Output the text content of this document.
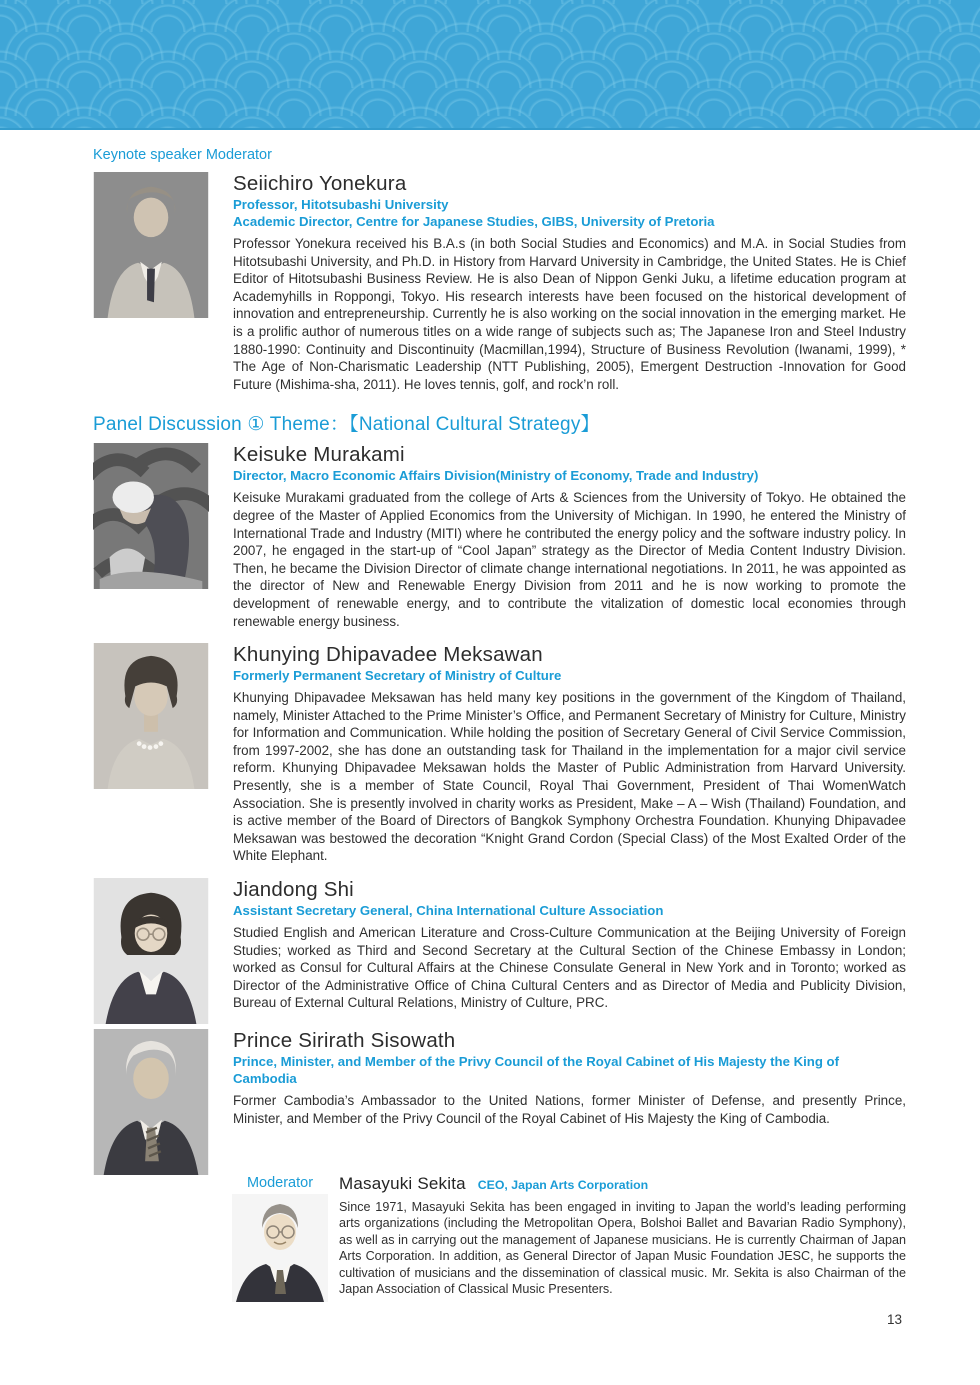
Keynote speaker Moderator
Seiichiro Yonekura

Professor, Hitotsubashi University

Academic Director, Centre for Japanese Studies, GIBS, University of Pretoria

Professor Yonekura received his B.A.s (in both Social Studies and Economics) and M.A. in Social Studies from Hitotsubashi University, and Ph.D. in History from Harvard University in Cambridge, the United States. He is Chief Editor of Hitotsubashi Business Review. He is also Dean of Nippon Genki Juku, a lifetime education program at Academyhills in Roppongi, Tokyo. His research interests have been focused on the historical development of innovation and entrepreneurship. Currently he is also working on the social innovation in the emerging market. He is a prolific author of numerous titles on a wide range of subjects such as; The Japanese Iron and Steel Industry 1880-1990: Continuity and Discontinuity (Macmillan,1994), Structure of Business Revolution (Iwanami, 1999), * The Age of Non-Charismatic Leadership (NTT Publishing, 2005), Emergent Destruction -Innovation for Good Future (Mishima-sha, 2011). He loves tennis, golf, and rock’n roll.

Panel Discussion ① Theme：【National Cultural Strategy】
Keisuke Murakami

Director, Macro Economic Affairs Division(Ministry of Economy, Trade and Industry)

Keisuke Murakami graduated from the college of Arts & Sciences from the University of Tokyo. He obtained the degree of the Master of Applied Economics from the University of Michigan. In 1990, he entered the Ministry of International Trade and Industry (MITI) where he contributed the energy policy and the software industry policy. In 2007, he engaged in the start-up of “Cool Japan” strategy as the Director of Media Content Industry Division. Then, he became the Division Director of climate change international negotiations. In 2011, he was appointed as the director of New and Renewable Energy Division from 2011 and he is now working to promote the development of renewable energy, and to contribute the vitalization of domestic local economies through renewable energy business.

Khunying Dhipavadee Meksawan

Formerly Permanent Secretary of Ministry of Culture

Khunying Dhipavadee Meksawan has held many key positions in the government of the Kingdom of Thailand, namely, Minister Attached to the Prime Minister’s Office, and Permanent Secretary of Ministry for Culture, Ministry for Information and Communication. While holding the position of Secretary General of Civil Service Commission, from 1997-2002, she has done an outstanding task for Thailand in the implementation for a major civil service reform. Khunying Dhipavadee Meksawan holds the Master of Public Administration from Harvard University. Presently, she is a member of State Council, Royal Thai Government, President of Thai WomenWatch Association. She is presently involved in charity works as President, Make – A – Wish (Thailand) Foundation, and is active member of the Board of Directors of Bangkok Symphony Orchestra Foundation. Khunying Dhipavadee Meksawan was bestowed the decoration “Knight Grand Cordon (Special Class) of the Most Exalted Order of the White Elephant.

Jiandong Shi

Assistant Secretary General, China International Culture Association

Studied English and American Literature and Cross-Culture Communication at the Beijing University of Foreign Studies; worked as Third and Second Secretary at the Cultural Section of the Chinese Embassy in London; worked as Consul for Cultural Affairs at the Chinese Consulate General in New York and in Toronto; worked as Director of the Administrative Office of China Cultural Centers and as Director of Media and Publicity Division, Bureau of External Cultural Relations, Ministry of Culture, PRC.

Prince Sirirath Sisowath

Prince, Minister, and Member of the Privy Council of the Royal Cabinet of His Majesty the King of Cambodia

Former Cambodia’s Ambassador to the United Nations, former Minister of Defense, and presently Prince, Minister, and Member of the Privy Council of the Royal Cabinet of His Majesty the King of Cambodia.

Moderator	Masayuki Sekita CEO, Japan Arts Corporation

Since 1971, Masayuki Sekita has been engaged in inviting to Japan the world’s leading performing arts organizations (including the Metropolitan Opera, Bolshoi Ballet and Bavarian Radio Symphony), as well as in carrying out the management of Japanese musicians. He is currently Chairman of Japan Arts Corporation. In addition, as General Director of Japan Music Foundation JESC, he supports the cultivation of musicians and the dissemination of classical music. Mr. Sekita is also Chairman of the Japan Association of Classical Music Presenters.

13
